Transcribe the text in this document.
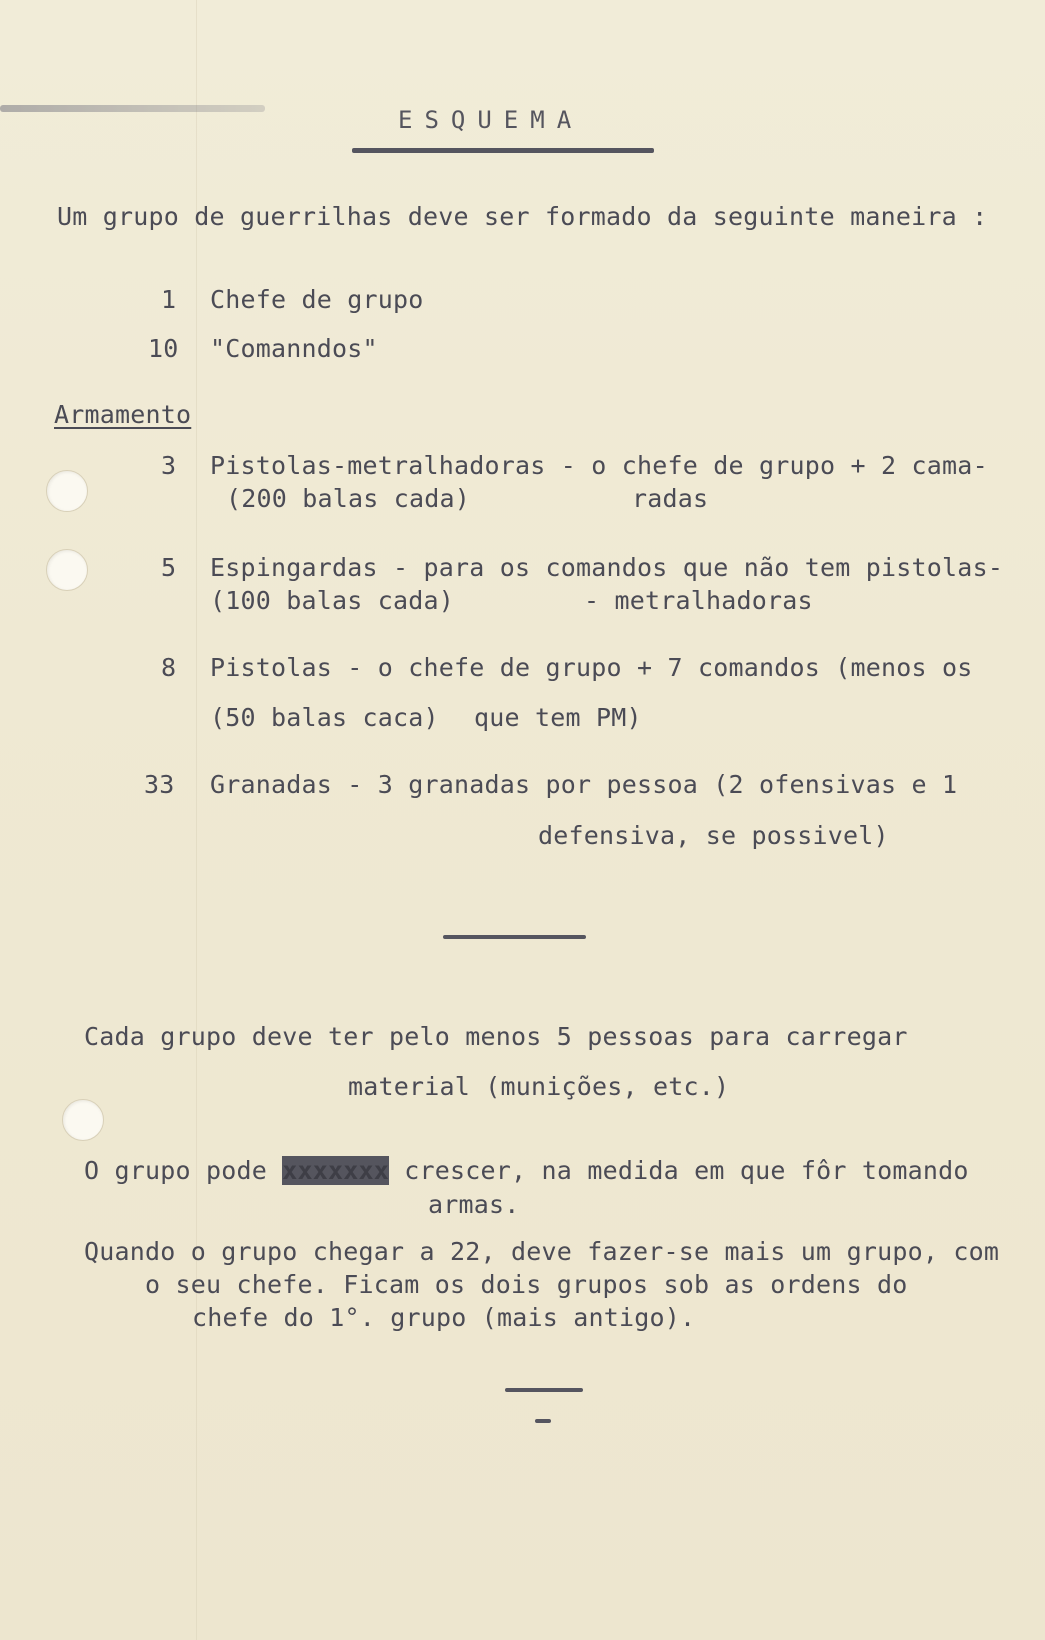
ESQUEMA
Um grupo de guerrilhas deve ser formado da seguinte maneira :
1 Chefe de grupo
10 "Comanndos"
Armamento
3 Pistolas-metralhadoras - o chefe de grupo + 2 cama-
(200 balas cada)	radas
5 Espingardas - para os comandos que não tem pistolas-
(100 balas cada)	- metralhadoras
8 Pistolas - o chefe de grupo + 7 comandos (menos os
(50 balas caca) que tem PM)
33 Granadas - 3 granadas por pessoa (2 ofensivas e 1
defensiva, se possivel)
Cada grupo deve ter pelo menos 5 pessoas para carregar
material (munições, etc.)
O grupo pode xxxxxxx crescer, na medida em que fôr tomando
armas.
Quando o grupo chegar a 22, deve fazer-se mais um grupo, com
o seu chefe. Ficam os dois grupos sob as ordens do
chefe do 1°. grupo (mais antigo).
